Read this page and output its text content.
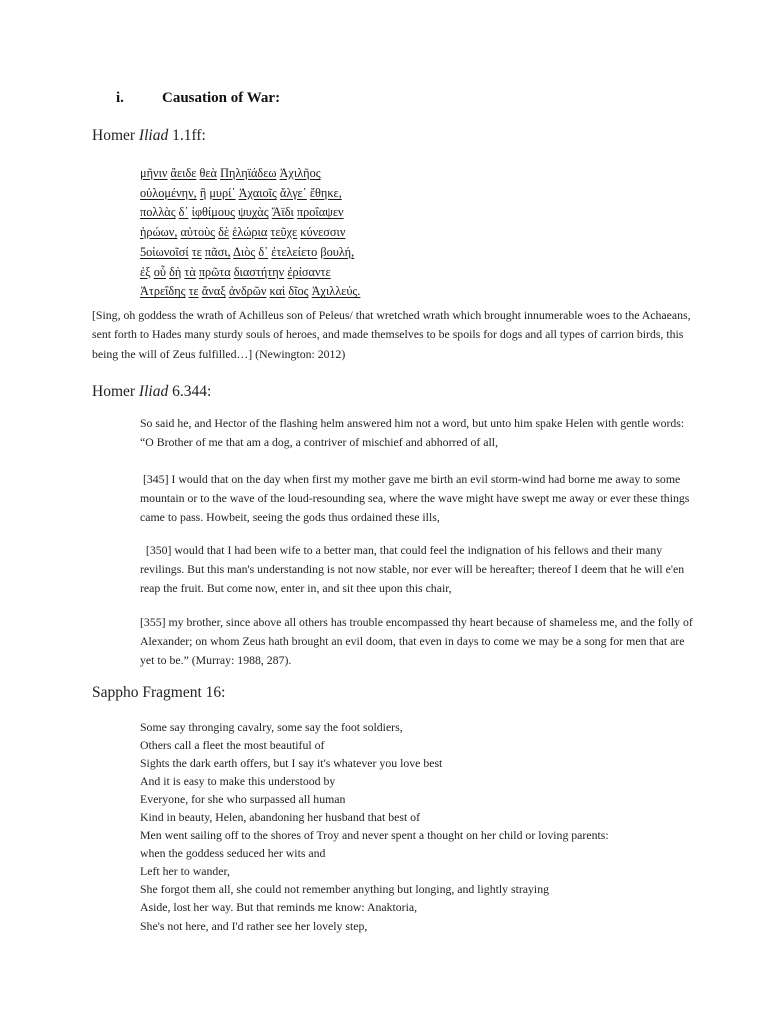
i.	Causation of War:
Homer Iliad 1.1ff:
μῆνιν ἄειδε θεὰ Πηληϊάδεω Ἀχιλῆος
οὐλομένην, ἣ μυρί᾽ Ἀχαιοῖς ἄλγε᾽ ἔθηκε,
πολλὰς δ᾽ ἰφθίμους ψυχὰς Ἄϊδι προΐαψεν
ἡρώων, αὐτοὺς δὲ ἑλώρια τεῦχε κύνεσσιν
5οἰωνοῖσί τε πᾶσι, Διὸς δ᾽ ἐτελείετο βουλή,
ἐξ οὗ δὴ τὰ πρῶτα διαστήτην ἐρίσαντε
Ἀτρεΐδης τε ἄναξ ἀνδρῶν καὶ δῖος Ἀχιλλεύς.
[Sing, oh goddess the wrath of Achilleus son of Peleus/ that wretched wrath which brought innumerable woes to the Achaeans, sent forth to Hades many sturdy souls of heroes, and made themselves to be spoils for dogs and all types of carrion birds, this being the will of Zeus fulfilled…] (Newington: 2012)
Homer Iliad 6.344:
So said he, and Hector of the flashing helm answered him not a word, but unto him spake Helen with gentle words: “O Brother of me that am a dog, a contriver of mischief and abhorred of all,
[345] I would that on the day when first my mother gave me birth an evil storm-wind had borne me away to some mountain or to the wave of the loud-resounding sea, where the wave might have swept me away or ever these things came to pass. Howbeit, seeing the gods thus ordained these ills,
[350] would that I had been wife to a better man, that could feel the indignation of his fellows and their many revilings. But this man's understanding is not now stable, nor ever will be hereafter; thereof I deem that he will e'en reap the fruit. But come now, enter in, and sit thee upon this chair,
[355] my brother, since above all others has trouble encompassed thy heart because of shameless me, and the folly of Alexander; on whom Zeus hath brought an evil doom, that even in days to come we may be a song for men that are yet to be.” (Murray: 1988, 287).
Sappho Fragment 16:
Some say thronging cavalry, some say the foot soldiers,
Others call a fleet the most beautiful of
Sights the dark earth offers, but I say it's whatever you love best
And it is easy to make this understood by
Everyone, for she who surpassed all human
Kind in beauty, Helen, abandoning her husband that best of
Men went sailing off to the shores of Troy and never spent a thought on her child or loving parents:
when the goddess seduced her wits and
Left her to wander,
She forgot them all, she could not remember anything but longing, and lightly straying
Aside, lost her way. But that reminds me know: Anaktoria,
She's not here, and I'd rather see her lovely step,
